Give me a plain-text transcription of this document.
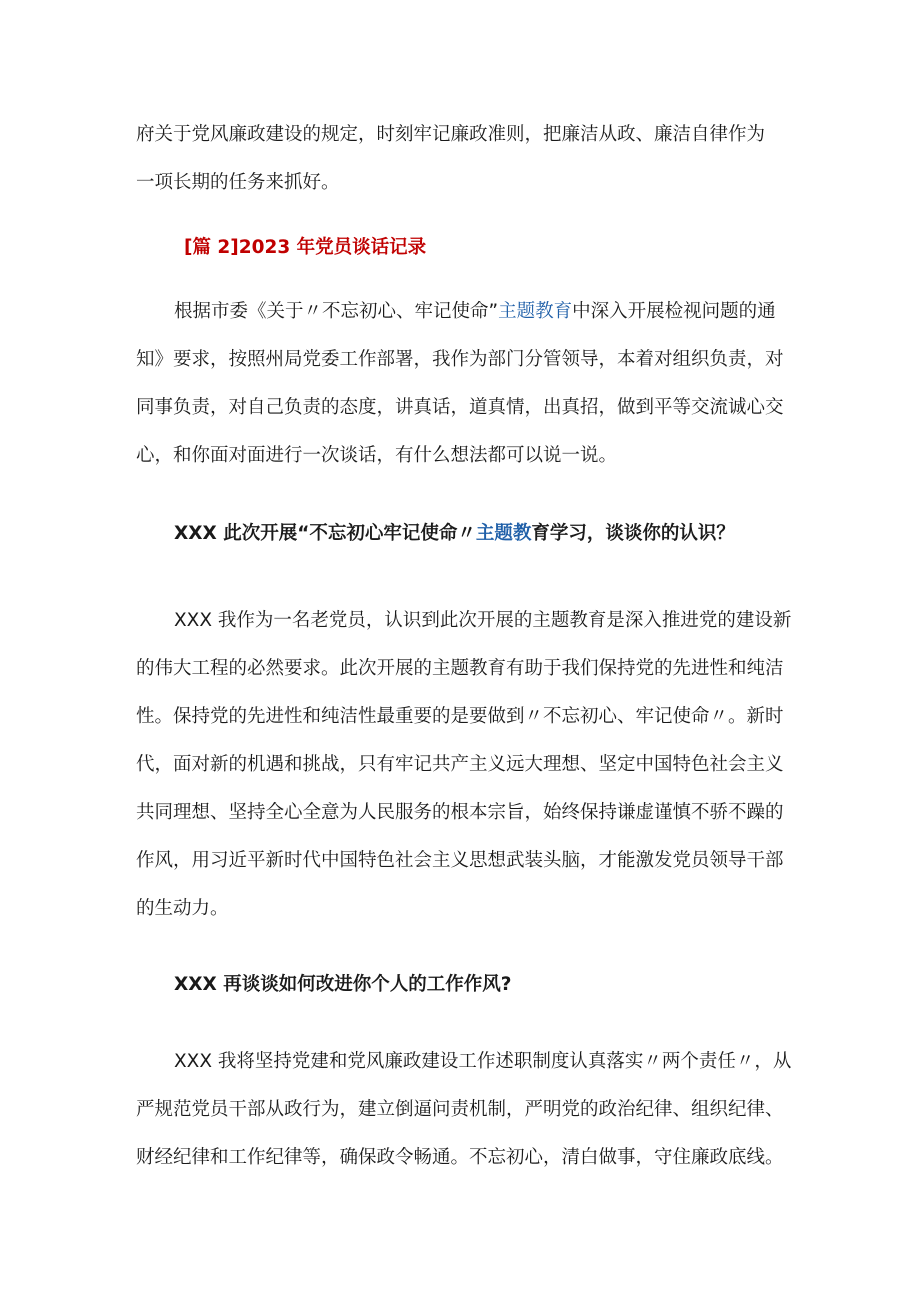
府关于党风廉政建设的规定，时刻牢记廉政准则，把廉洁从政、廉洁自律作为
一项长期的任务来抓好。
[篇 2]2023 年党员谈话记录
根据市委《关于〃不忘初心、牢记使命”主题教育中深入开展检视问题的通
知》要求，按照州局党委工作部署，我作为部门分管领导，本着对组织负责，对
同事负责，对自己负责的态度，讲真话，道真情，出真招，做到平等交流诚心交
心，和你面对面进行一次谈话，有什么想法都可以说一说。
XXX 此次开展“不忘初心牢记使命〃主题教育学习，谈谈你的认识？
XXX 我作为一名老党员，认识到此次开展的主题教育是深入推进党的建设新
的伟大工程的必然要求。此次开展的主题教育有助于我们保持党的先进性和纯洁
性。保持党的先进性和纯洁性最重要的是要做到〃不忘初心、牢记使命〃。新时
代，面对新的机遇和挑战，只有牢记共产主义远大理想、坚定中国特色社会主义
共同理想、坚持全心全意为人民服务的根本宗旨，始终保持谦虚谨慎不骄不躁的
作风，用习近平新时代中国特色社会主义思想武装头脑，才能激发党员领导干部
的生动力。
XXX 再谈谈如何改进你个人的工作作风?
XXX 我将坚持党建和党风廉政建设工作述职制度认真落实〃两个责任〃，从
严规范党员干部从政行为，建立倒逼问责机制，严明党的政治纪律、组织纪律、
财经纪律和工作纪律等，确保政令畅通。不忘初心，清白做事，守住廉政底线。
